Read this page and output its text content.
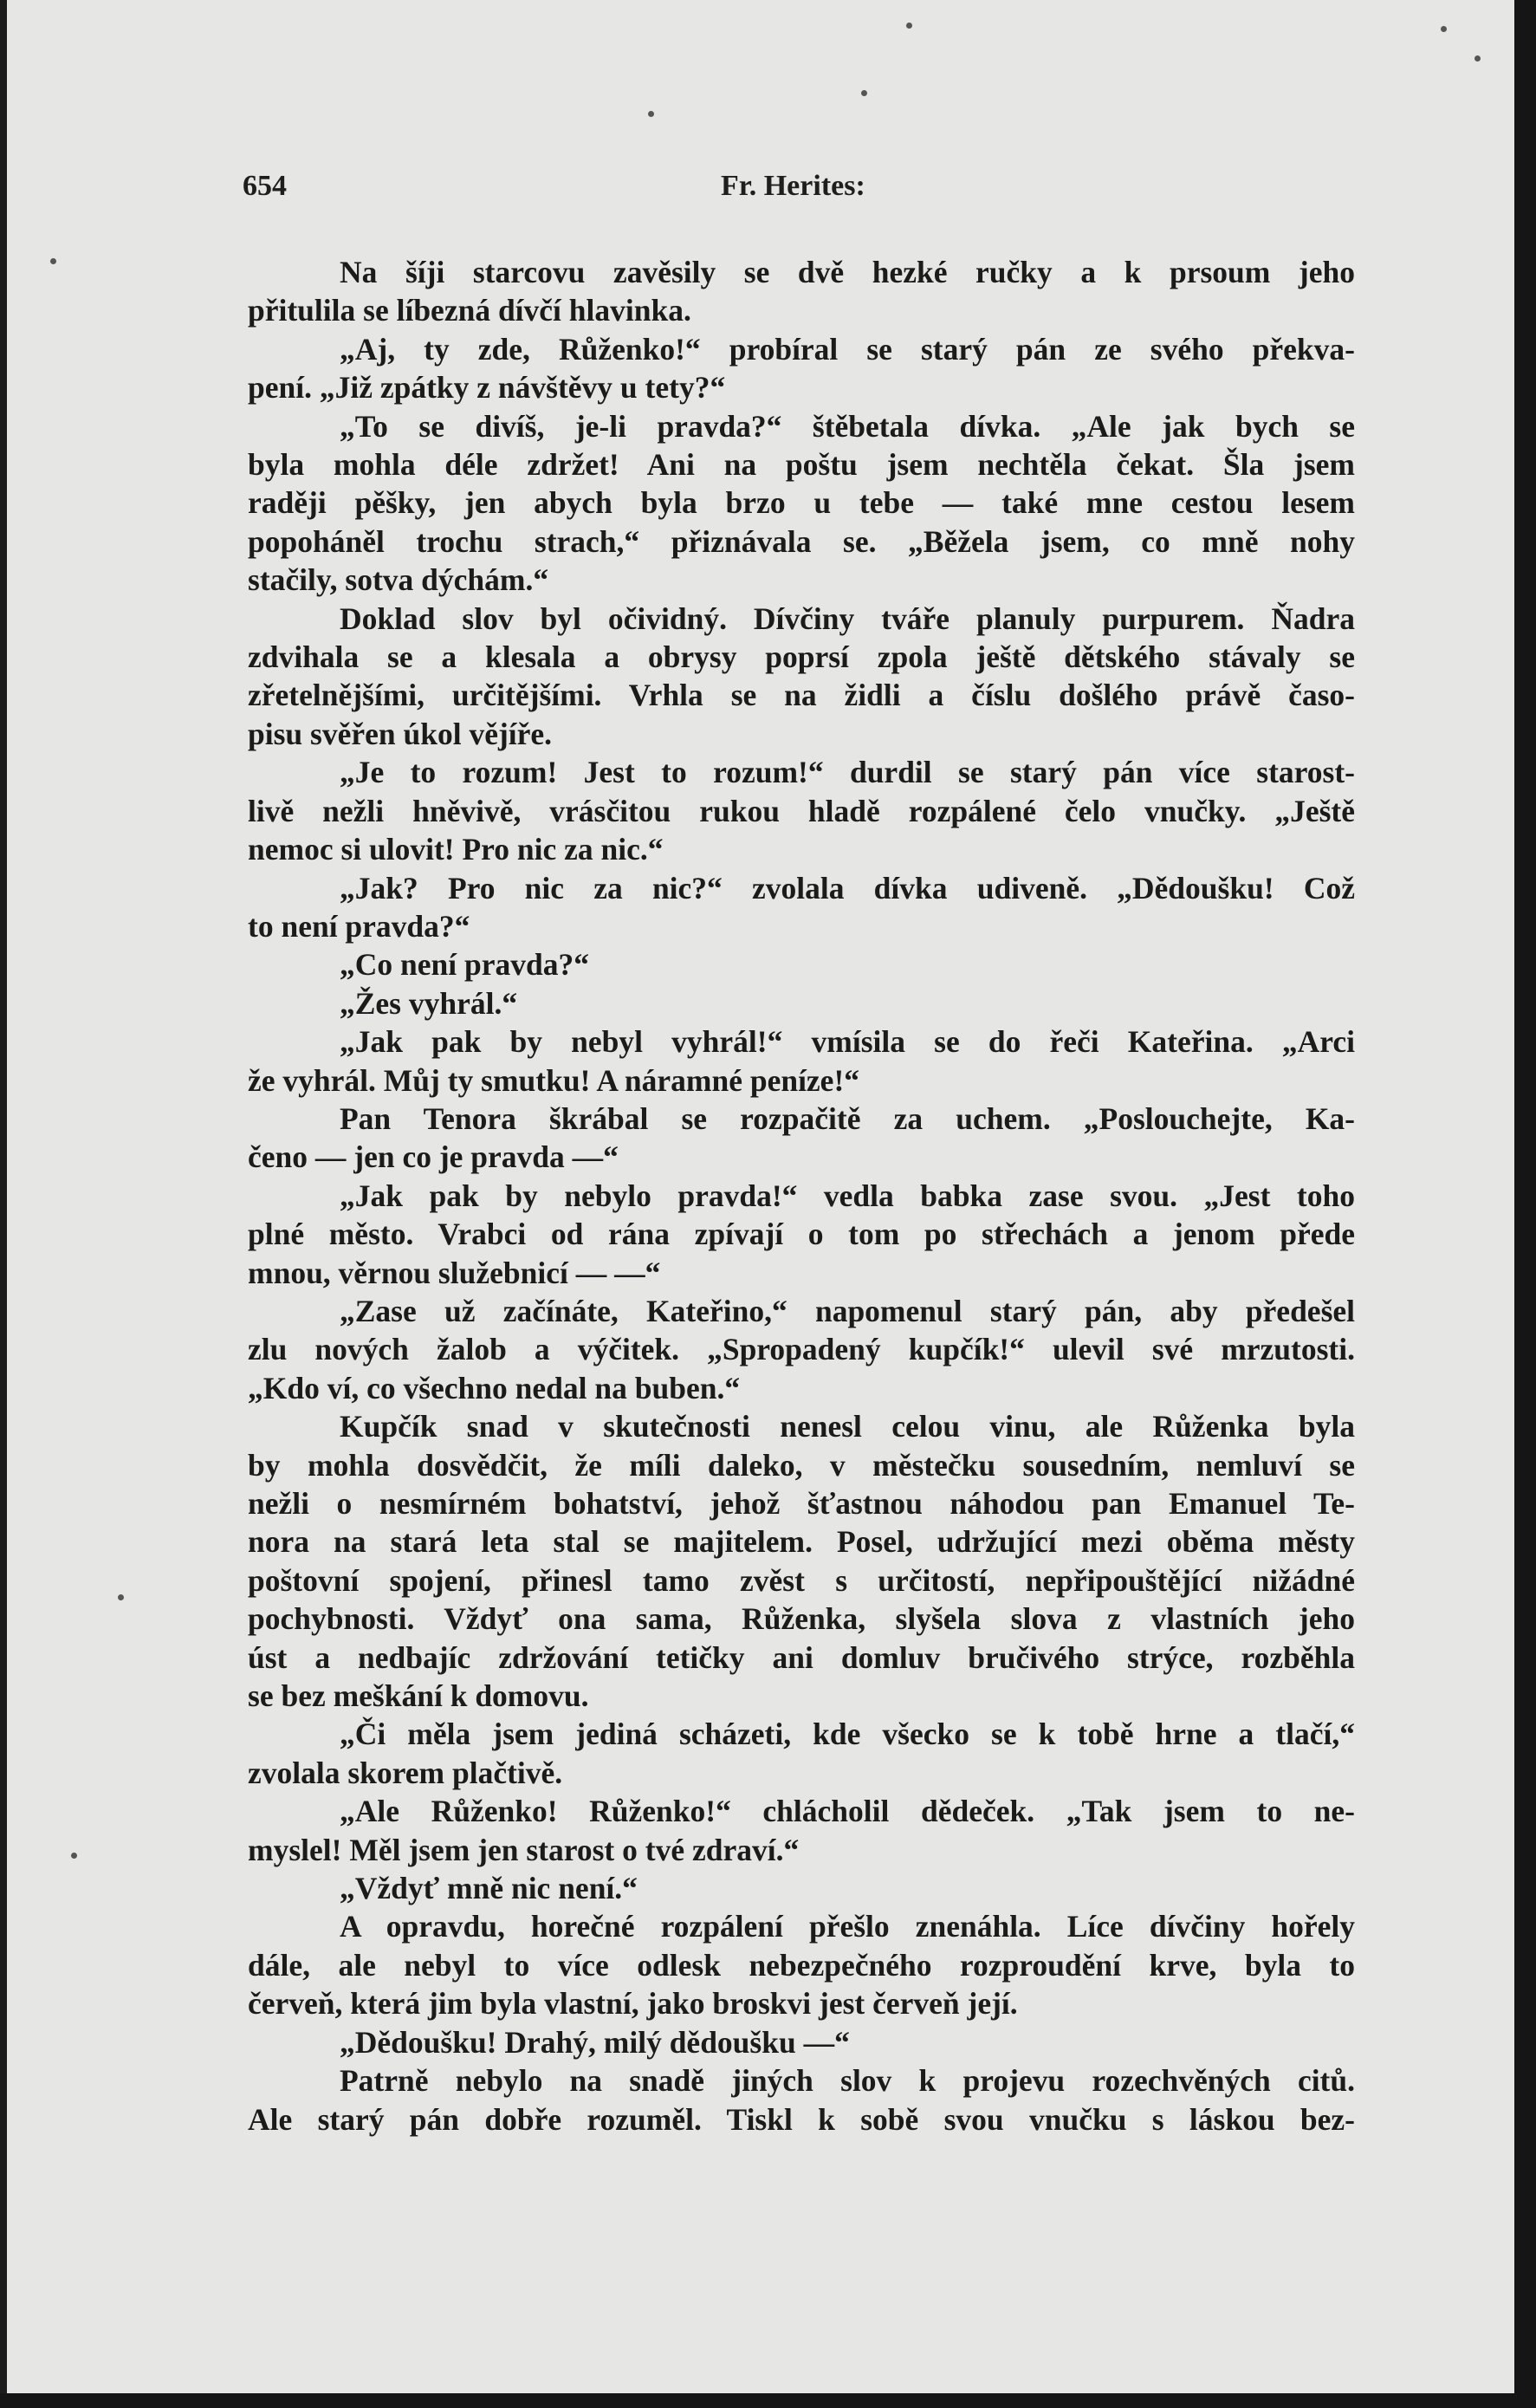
654	Fr. Herites:
Na šíji starcovu zavěsily se dvě hezké ručky a k prsoum jeho
přitulila se líbezná dívčí hlavinka.
„Aj, ty zde, Růženko!“ probíral se starý pán ze svého překva-
pení. „Již zpátky z návštěvy u tety?“
„To se divíš, je-li pravda?“ štěbetala dívka. „Ale jak bych se
byla mohla déle zdržet! Ani na poštu jsem nechtěla čekat. Šla jsem
raději pěšky, jen abych byla brzo u tebe — také mne cestou lesem
popoháněl trochu strach,“ přiznávala se. „Běžela jsem, co mně nohy
stačily, sotva dýchám.“
Doklad slov byl očividný. Dívčiny tváře planuly purpurem. Ňadra
zdvihala se a klesala a obrysy poprsí zpola ještě dětského stávaly se
zřetelnějšími, určitějšími. Vrhla se na židli a číslu došlého právě časo-
pisu svěřen úkol vějíře.
„Je to rozum! Jest to rozum!“ durdil se starý pán více starost-
livě nežli hněvivě, vrásčitou rukou hladě rozpálené čelo vnučky. „Ještě
nemoc si ulovit! Pro nic za nic.“
„Jak? Pro nic za nic?“ zvolala dívka udiveně. „Dědoušku! Což
to není pravda?“
„Co není pravda?“
„Žes vyhrál.“
„Jak pak by nebyl vyhrál!“ vmísila se do řeči Kateřina. „Arci
že vyhrál. Můj ty smutku! A náramné peníze!“
Pan Tenora škrábal se rozpačitě za uchem. „Poslouchejte, Ka-
čeno — jen co je pravda —“
„Jak pak by nebylo pravda!“ vedla babka zase svou. „Jest toho
plné město. Vrabci od rána zpívají o tom po střechách a jenom přede
mnou, věrnou služebnicí — —“
„Zase už začínáte, Kateřino,“ napomenul starý pán, aby předešel
zlu nových žalob a výčitek. „Spropadený kupčík!“ ulevil své mrzutosti.
„Kdo ví, co všechno nedal na buben.“
Kupčík snad v skutečnosti nenesl celou vinu, ale Růženka byla
by mohla dosvědčit, že míli daleko, v městečku sousedním, nemluví se
nežli o nesmírném bohatství, jehož šťastnou náhodou pan Emanuel Te-
nora na stará leta stal se majitelem. Posel, udržující mezi oběma městy
poštovní spojení, přinesl tamo zvěst s určitostí, nepřipouštějící nižádné
pochybnosti. Vždyť ona sama, Růženka, slyšela slova z vlastních jeho
úst a nedbajíc zdržování tetičky ani domluv bručivého strýce, rozběhla
se bez meškání k domovu.
„Či měla jsem jediná scházeti, kde všecko se k tobě hrne a tlačí,“
zvolala skorem plačtivě.
„Ale Růženko! Růženko!“ chlácholil dědeček. „Tak jsem to ne-
myslel! Měl jsem jen starost o tvé zdraví.“
„Vždyť mně nic není.“
A opravdu, horečné rozpálení přešlo znenáhla. Líce dívčiny hořely
dále, ale nebyl to více odlesk nebezpečného rozproudění krve, byla to
červeň, která jim byla vlastní, jako broskvi jest červeň její.
„Dědoušku! Drahý, milý dědoušku —“
Patrně nebylo na snadě jiných slov k projevu rozechvěných citů.
Ale starý pán dobře rozuměl. Tiskl k sobě svou vnučku s láskou bez-
